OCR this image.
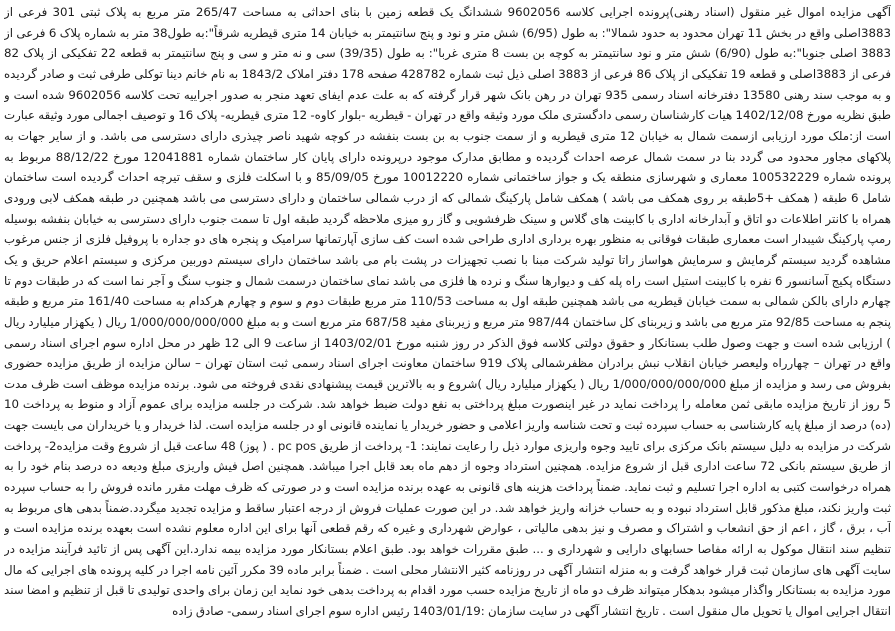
آگهی مزایده اموال غیر منقول (اسناد رهنی)پرونده اجرایی کلاسه 9602056 ششدانگ یک قطعه زمین با بنای احداثی به مساحت 265/47 متر مربع به پلاک ثبتی 301 فرعی از 3883اصلی واقع در بخش 11 تهران محدود به حدود شمالا": به طول (6/95) شش متر و نود و پنج سانتیمتر به خیابان 14 متری قیطریه شرقاً":به طول38 متر به شماره پلاک 6 فرعی از 3883 اصلی جنوبا":به طول (6/90) شش متر و نود سانتیمتر به کوچه بن بست 8 متری غربا": به طول (39/35) سی و نه متر و سی و پنج سانتیمتر به قطعه 22 تفکیکی از پلاک 82 فرعی از 3883اصلی و قطعه 19 تفکیکی از پلاک 86 فرعی از 3883 اصلی ذیل ثبت شماره 428782 صفحه 178 دفتر املاک 1843/2 به نام خانم دینا توکلی طرفی ثبت و صادر گردیده و به موجب سند رهنی 13580 دفترخانه اسناد رسمی 935 تهران در رهن بانک شهر قرار گرفته که به علت عدم ایفای تعهد منجر به صدور اجراییه تحت کلاسه 9602056 شده است و طبق نظریه مورخ 1402/12/08 هیات کارشناسان رسمی دادگستری ملک مورد وثیقه واقع در تهران - قیطریه -بلوار کاوه- 12 متری قیطریه- پلاک 16 و توصیف اجمالی مورد وثیقه عبارت است از:ملک مورد ارزیابی ازسمت شمال به خیابان 12 متری قیطریه و از سمت جنوب به بن بست بنفشه در کوچه شهید ناصر چیذری دارای دسترسی می باشد. و از سایر جهات به پلاکهای مجاور محدود می گردد بنا در سمت شمال عرصه احداث گردیده و مطابق مدارک موجود درپرونده دارای پایان کار ساختمان شماره 12041881 مورخ 88/12/22 مربوط به پرونده شماره 100532229 معماری و شهرسازی منطقه یک و جواز ساختمانی شماره 10012220 مورخ 85/09/05 و با اسکلت فلزی و سقف تیرچه احداث گردیده است ساختمان شامل 6 طبقه ( همکف +5طبقه بر روی همکف می باشد ) همکف شامل پارکینگ شمالی که از درب شمالی ساختمان و دارای دسترسی می باشد همچنین در طبقه همکف لابی ورودی همراه با کانتر اطلاعات دو اتاق و آبدارخانه اداری با کابینت های گلاس و سینک ظرفشویی و گاز رو میزی ملاحظه گردید طبقه اول تا سمت جنوب دارای دسترسی به خیابان بنفشه بوسیله رمپ پارکینگ شیبدار است معماری طبقات فوقانی به منظور بهره برداری اداری طراحی شده است کف سازی آپارتمانها سرامیک و پنجره های دو جداره با پروفیل فلزی از جنس مرغوب مشاهده گردید سیستم گرمایش و سرمایش هواساز راتا تولید شرکت مبنا با نصب تجهیزات در پشت بام می باشد ساختمان دارای سیستم دوربین مرکزی و سیستم اعلام حریق و یک دستگاه پکیج آسانسور 6 نفره با کابینت استیل است راه پله کف و دیوارها سنگ و نرده ها فلزی می باشد نمای ساختمان درسمت شمال و جنوب سنگ و آجر نما است که در طبقات دوم تا چهارم دارای بالکن شمالی به سمت خیابان قیطریه می باشد همچنین طبقه اول به مساحت 110/53 متر مربع طبقات دوم و سوم و چهارم هرکدام به مساحت 161/40 متر مربع و طبقه پنجم به مساحت 92/85 متر مربع می باشد و زیربنای کل ساختمان 987/44 متر مربع و زیربنای مفید 687/58 متر مربع است و به مبلغ 1/000/000/000/000 ریال ( یکهزار میلیارد ریال ) ارزیابی شده است و جهت وصول طلب بستانکار و حقوق دولتی کلاسه فوق الذکر در روز شنبه مورخ 1403/02/01 از ساعت 9 الی 12 ظهر در محل اداره سوم اجرای اسناد رسمی واقع در تهران – چهارراه ولیعصر خیابان انقلاب نبش برادران مظفرشمالی پلاک 919 ساختمان معاونت اجرای اسناد رسمی ثبت استان تهران – سالن مزایده از طریق مزایده حضوری بفروش می رسد و مزایده از مبلغ 1/000/000/000/000 ریال ( یکهزار میلیارد ریال )شروع و به بالاترین قیمت پیشنهادی نقدی فروخته می شود. برنده مزایده موظف است ظرف مدت 5 روز از تاریخ مزایده مابقی ثمن معامله را پرداخت نماید در غیر اینصورت مبلغ پرداختی به نفع دولت ضبط خواهد شد. شرکت در جلسه مزایده برای عموم آزاد و منوط به پرداخت 10 (ده) درصد از مبلغ پایه کارشناسی به حساب سپرده ثبت و تحت شناسه واریز اعلامی و حضور خریدار یا نماینده قانونی او در جلسه مزایده است. لذا خریدار و یا خریداران می بایست جهت شرکت در مزایده به دلیل سیستم بانک مرکزی برای تایید وجوه واریزی موارد ذیل را رعایت نمایند: 1- پرداخت از طریق pc pos . ( پوز) 48 ساعت قبل از شروع وقت مزایده2- پرداخت از طریق سیستم بانکی 72 ساعت اداری قبل از شروع مزایده. همچنین استرداد وجوه از دهم ماه بعد قابل اجرا میباشد. همچنین اصل فیش واریزی مبلغ ودیعه ده درصد بنام خود را به همراه درخواست کتبی به اداره اجرا تسلیم و ثبت نماید. ضمناً پرداخت هزینه های قانونی به عهده برنده مزایده است و در صورتی که ظرف مهلت مقرر مانده فروش را به حساب سپرده ثبت واریز نکند، مبلغ مذکور قابل استرداد نبوده و به حساب خزانه واریز خواهد شد. در این صورت عملیات فروش از درجه اعتبار ساقط و مزایده تجدید میگردد.ضمناً بدهی های مربوط به آب ، برق ، گاز ، اعم از حق انشعاب و اشتراک و مصرف و نیز بدهی مالیاتی ، عوارض شهرداری و غیره که رقم قطعی آنها برای این اداره معلوم نشده است بعهده برنده مزایده است و تنظیم سند انتقال موکول به ارائه مفاصا حسابهای دارایی و شهرداری و ... طبق مقررات خواهد بود. طبق اعلام بستانکار مورد مزایده بیمه ندارد.این آگهی پس از تائید فرآیند مزایده در سایت آگهی های سازمان ثبت قرار خواهد گرفت و به منزله انتشار آگهی در روزنامه کثیر الانتشار محلی است . ضمناً برابر ماده 39 مکرر آئین نامه اجرا در کلیه پرونده های اجرایی که مال مورد مزایده به بستانکار واگذار میشود بدهکار میتواند ظرف دو ماه از تاریخ مزایده حسب مورد اقدام به پرداخت بدهی خود نماید این زمان برای واحدی تولیدی تا قبل از تنظیم و امضا سند انتقال اجرایی اموال یا تحویل مال منقول است . تاریخ انتشار آگهی در سایت سازمان :1403/01/19 رئیس اداره سوم اجرای اسناد رسمی- صادق زاده
